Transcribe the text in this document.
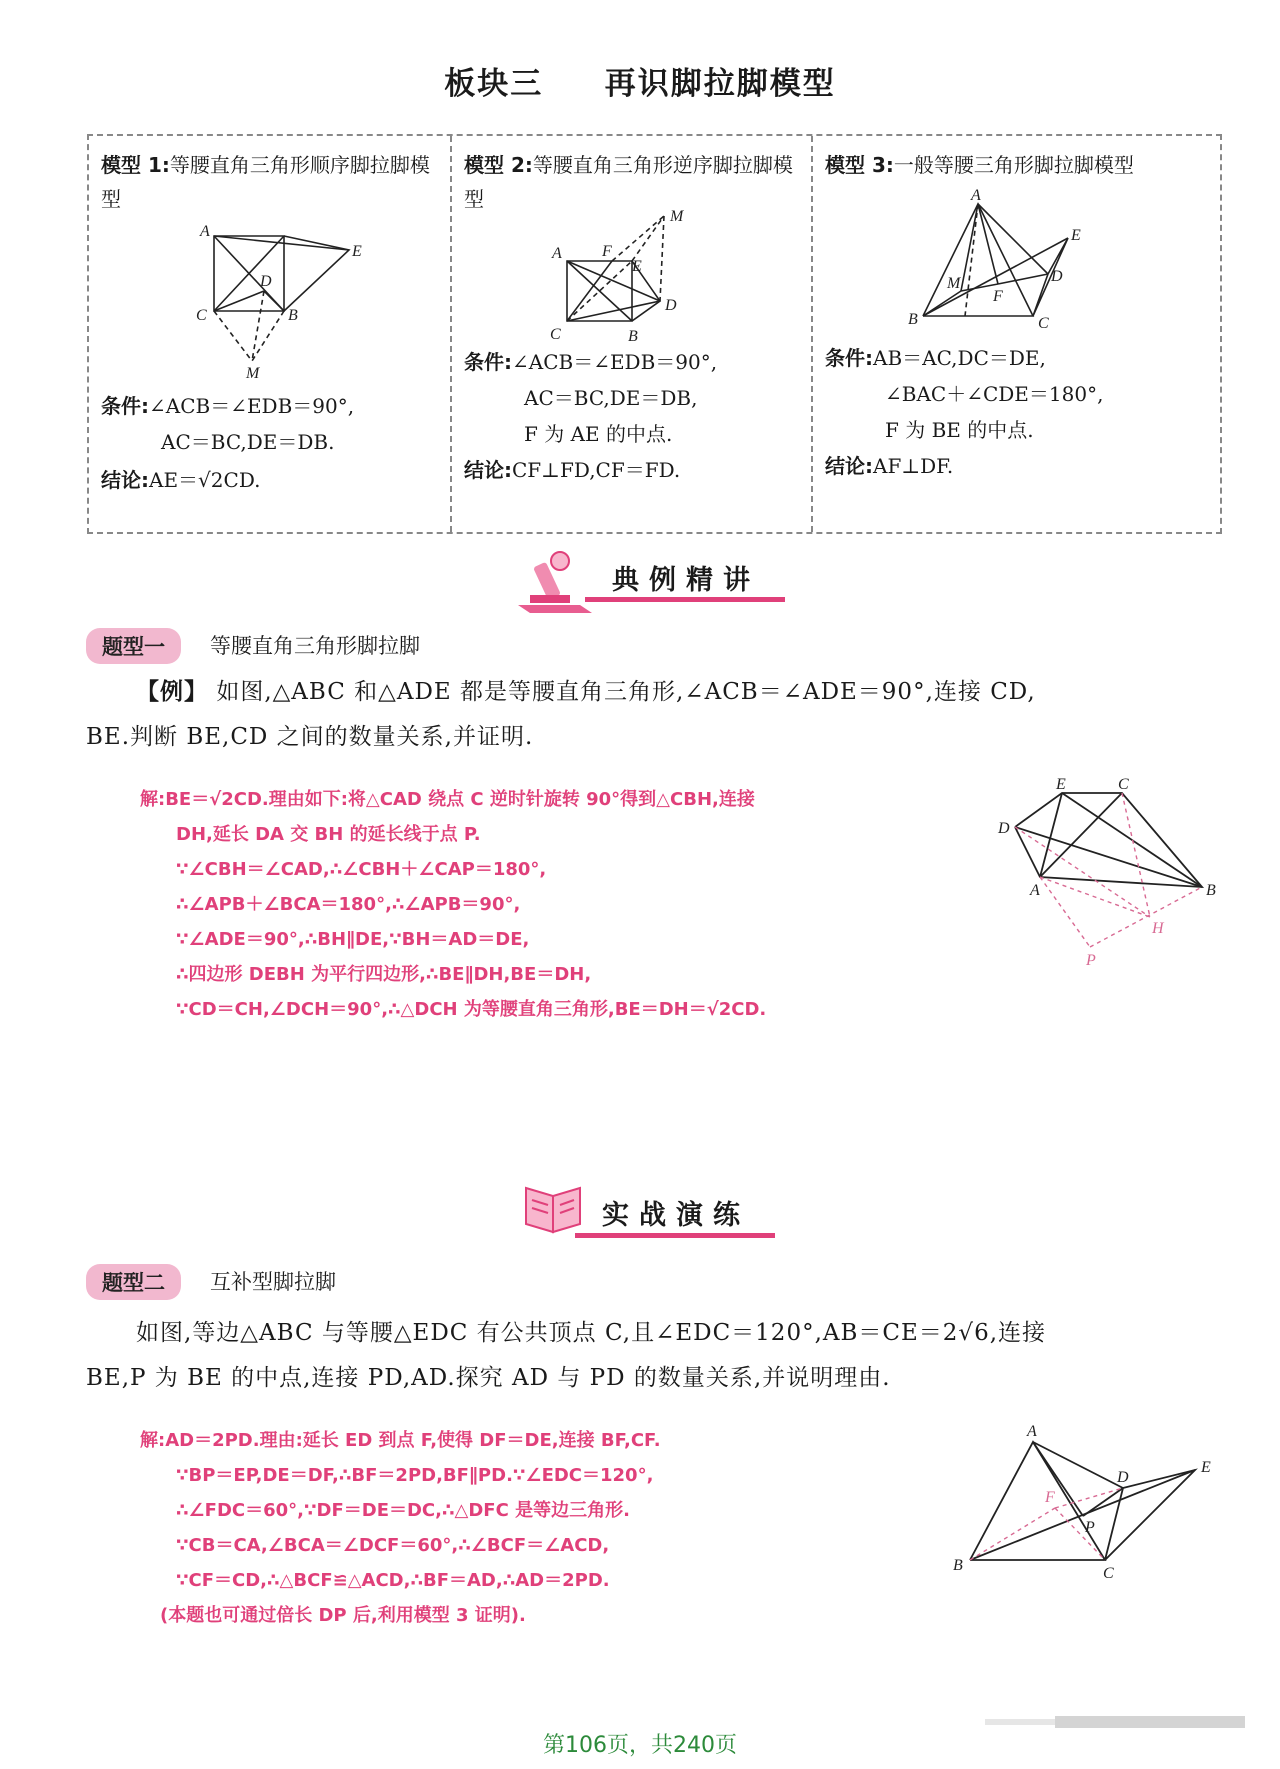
板块三 再识脚拉脚模型
模型 1:等腰直角三角形顺序脚拉脚模型
A
E
D
C	B
M
条件:∠ACB＝∠EDB＝90°,
AC＝BC,DE＝DB.
结论:AE＝√2CD.
模型 2:等腰直角三角形逆序脚拉脚模型
M
A	F
E
D
C	B
条件:∠ACB＝∠EDB＝90°,
AC＝BC,DE＝DB,
F 为 AE 的中点.
结论:CF⊥FD,CF＝FD.
模型 3:一般等腰三角形脚拉脚模型
A
E
D
M
F
B	C
条件:AB＝AC,DC＝DE,
∠BAC＋∠CDE＝180°,
F 为 BE 的中点.
结论:AF⊥DF.
典例精讲
题型一	等腰直角三角形脚拉脚
【例】 如图,△ABC 和△ADE 都是等腰直角三角形,∠ACB＝∠ADE＝90°,连接 CD,
BE.判断 BE,CD 之间的数量关系,并证明.
解:BE＝√2CD.理由如下:将△CAD 绕点 C 逆时针旋转 90°得到△CBH,连接
DH,延长 DA 交 BH 的延长线于点 P.
∵∠CBH＝∠CAD,∴∠CBH＋∠CAP＝180°,
∴∠APB＋∠BCA＝180°,∴∠APB＝90°,
∵∠ADE＝90°,∴BH∥DE,∵BH＝AD＝DE,
∴四边形 DEBH 为平行四边形,∴BE∥DH,BE＝DH,
∵CD＝CH,∠DCH＝90°,∴△DCH 为等腰直角三角形,BE＝DH＝√2CD.
E	C
D
A	B
H
P
实战演练
题型二	互补型脚拉脚
如图,等边△ABC 与等腰△EDC 有公共顶点 C,且∠EDC＝120°,AB＝CE＝2√6,连接
BE,P 为 BE 的中点,连接 PD,AD.探究 AD 与 PD 的数量关系,并说明理由.
解:AD＝2PD.理由:延长 ED 到点 F,使得 DF＝DE,连接 BF,CF.
∵BP＝EP,DE＝DF,∴BF＝2PD,BF∥PD.∵∠EDC＝120°,
∴∠FDC＝60°,∵DF＝DE＝DC,∴△DFC 是等边三角形.
∵CB＝CA,∠BCA＝∠DCF＝60°,∴∠BCF＝∠ACD,
∵CF＝CD,∴△BCF≌△ACD,∴BF＝AD,∴AD＝2PD.
(本题也可通过倍长 DP 后,利用模型 3 证明).
A
E
D
F
P
B	C
第106页，共240页
